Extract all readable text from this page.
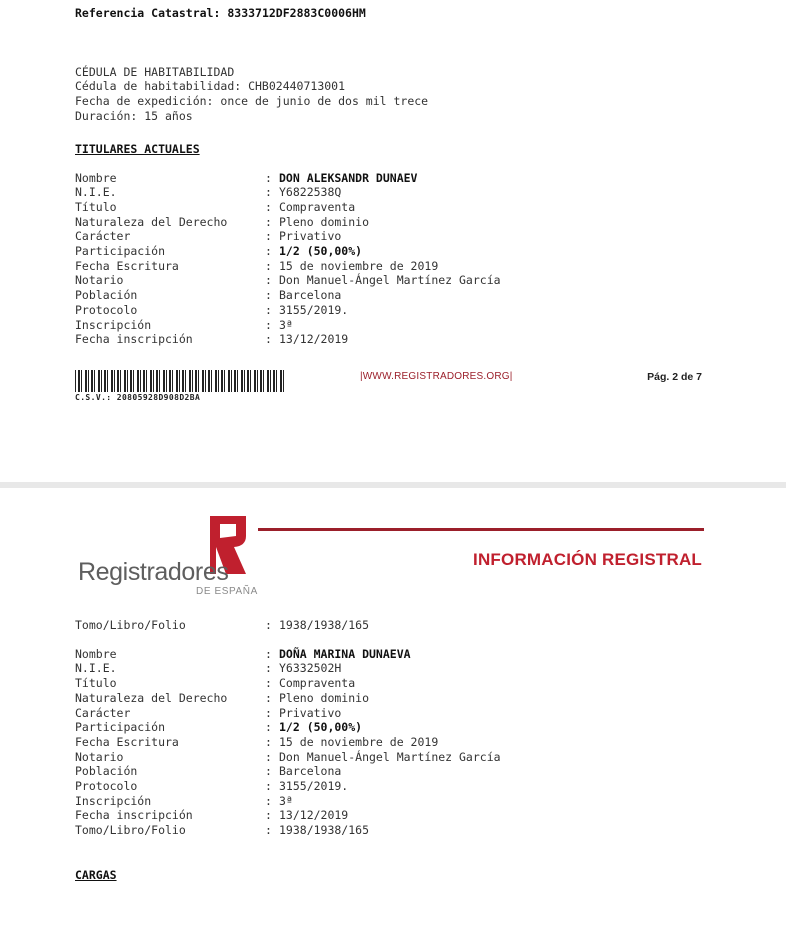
Referencia Catastral: 8333712DF2883C0006HM
CÉDULA DE HABITABILIDAD
Cédula de habitabilidad: CHB02440713001
Fecha de expedición: once de junio de dos mil trece
Duración: 15 años
TITULARES ACTUALES
Nombre	: DON ALEKSANDR DUNAEV
N.I.E.	: Y6822538Q
Título	: Compraventa
Naturaleza del Derecho	: Pleno dominio
Carácter	: Privativo
Participación	: 1/2 (50,00%)
Fecha Escritura	: 15 de noviembre de 2019
Notario	: Don Manuel-Ángel Martínez García
Población	: Barcelona
Protocolo	: 3155/2019.
Inscripción	: 3ª
Fecha inscripción	: 13/12/2019
C.S.V.: 20805928D908D2BA
|WWW.REGISTRADORES.ORG|	Pág. 2 de 7
Registradores
DE ESPAÑA
INFORMACIÓN REGISTRAL
Tomo/Libro/Folio	: 1938/1938/165
Nombre	: DOÑA MARINA DUNAEVA
N.I.E.	: Y6332502H
Título	: Compraventa
Naturaleza del Derecho	: Pleno dominio
Carácter	: Privativo
Participación	: 1/2 (50,00%)
Fecha Escritura	: 15 de noviembre de 2019
Notario	: Don Manuel-Ángel Martínez García
Población	: Barcelona
Protocolo	: 3155/2019.
Inscripción	: 3ª
Fecha inscripción	: 13/12/2019
Tomo/Libro/Folio	: 1938/1938/165
CARGAS
